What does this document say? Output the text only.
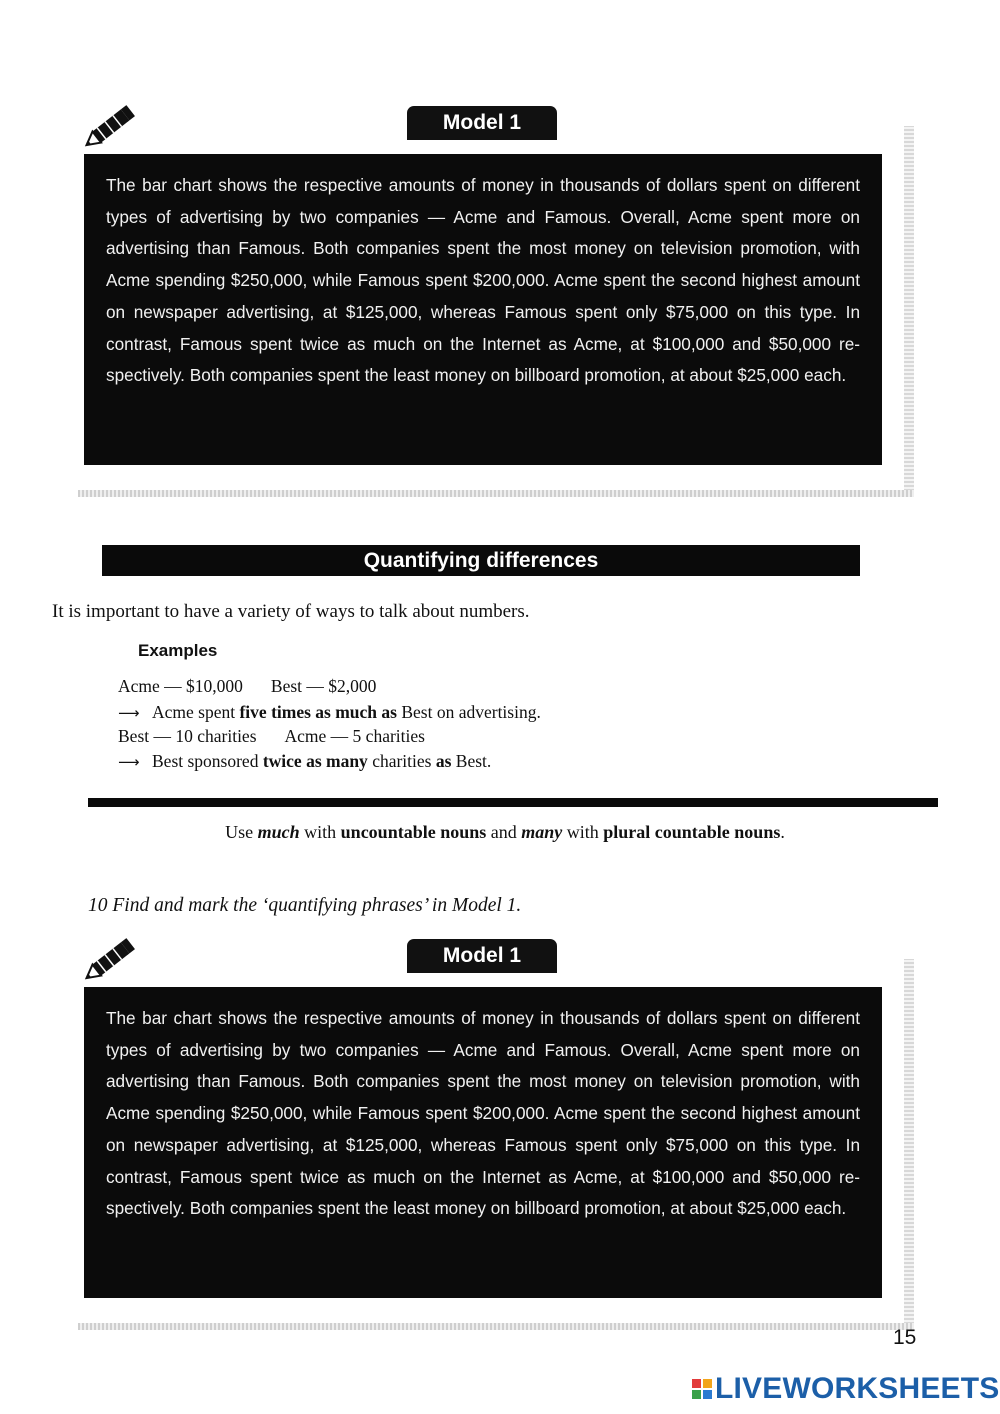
Model 1
The bar chart shows the respective amounts of money in thousands of dollars spent on different types of advertising by two companies — Acme and Famous. Overall, Acme spent more on advertising than Famous. Both companies spent the most money on television promotion, with Acme spending $250,000, while Famous spent $200,000. Acme spent the second highest amount on newspaper advertising, at $125,000, whereas Famous spent only $75,000 on this type. In contrast, Famous spent twice as much on the Internet as Acme, at $100,000 and $50,000 re-spectively. Both companies spent the least money on billboard promotion, at about $25,000 each.
Quantifying differences
It is important to have a variety of ways to talk about numbers.
Examples
Acme — $10,000 Best — $2,000
⟶ Acme spent five times as much as Best on advertising.
Best — 10 charities Acme — 5 charities
⟶ Best sponsored twice as many charities as Best.
Use much with uncountable nouns and many with plural countable nouns.
10 Find and mark the ‘quantifying phrases’ in Model 1.
Model 1
The bar chart shows the respective amounts of money in thousands of dollars spent on different types of advertising by two companies — Acme and Famous. Overall, Acme spent more on advertising than Famous. Both companies spent the most money on television promotion, with Acme spending $250,000, while Famous spent $200,000. Acme spent the second highest amount on newspaper advertising, at $125,000, whereas Famous spent only $75,000 on this type. In contrast, Famous spent twice as much on the Internet as Acme, at $100,000 and $50,000 re-spectively. Both companies spent the least money on billboard promotion, at about $25,000 each.
15
LIVEWORKSHEETS
